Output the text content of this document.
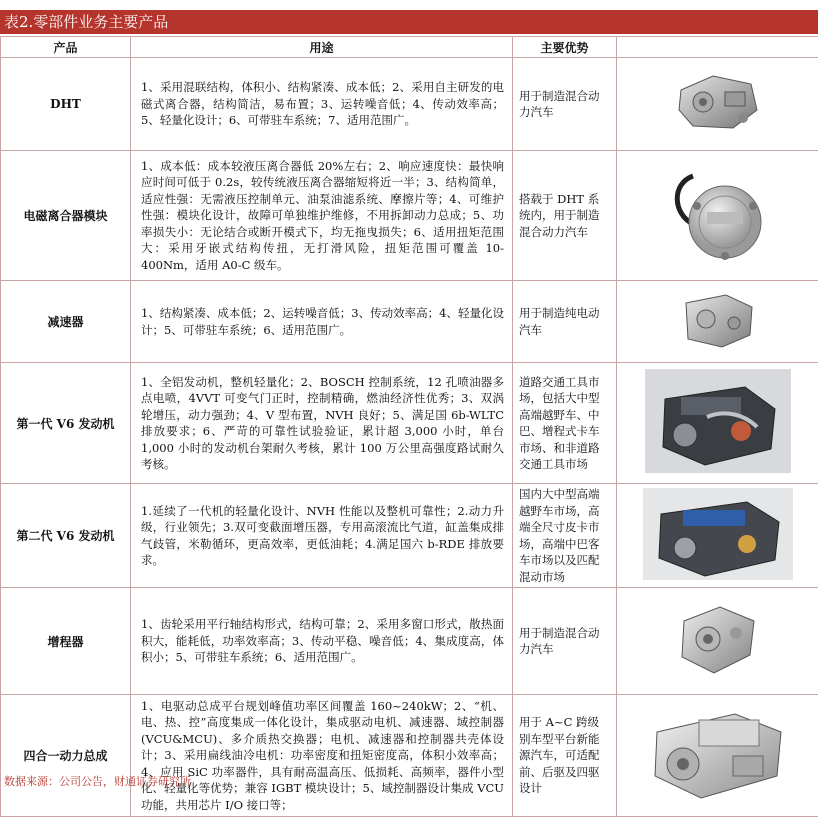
表2.零部件业务主要产品
产品	用途	主要优势	
DHT	1、采用混联结构，体积小、结构紧凑、成本低；2、采用自主研发的电磁式离合器，结构简洁，易布置；3、运转噪音低；4、传动效率高；5、轻量化设计；6、可带驻车系统；7、适用范围广。	用于制造混合动力汽车	
电磁离合器模块	1、成本低：成本较液压离合器低 20%左右；2、响应速度快：最快响应时间可低于 0.2s，较传统液压离合器缩短将近一半；3、结构简单，适应性强：无需液压控制单元、油泵油滤系统、摩擦片等；4、可维护性强：模块化设计，故障可单独维护维修，不用拆卸动力总成；5、功率损失小：无论结合或断开模式下，均无拖曳损失；6、适用扭矩范围大：采用牙嵌式结构传扭，无打滑风险，扭矩范围可覆盖 10-400Nm，适用 A0-C 级车。	搭载于 DHT 系统内，用于制造混合动力汽车	
减速器	1、结构紧凑、成本低；2、运转噪音低；3、传动效率高；4、轻量化设计；5、可带驻车系统；6、适用范围广。	用于制造纯电动汽车	
第一代 V6 发动机	1、全铝发动机，整机轻量化；2、BOSCH 控制系统，12 孔喷油器多点电喷，4VVT 可变气门正时，控制精确，燃油经济性优秀；3、双涡轮增压，动力强劲；4、V 型布置，NVH 良好；5、满足国 6b-WLTC 排放要求；6、严苛的可靠性试验验证，累计超 3,000 小时，单台 1,000 小时的发动机台架耐久考核，累计 100 万公里高强度路试耐久考核。	道路交通工具市场，包括大中型高端越野车、中巴、增程式卡车市场、和非道路交通工具市场	
第二代 V6 发动机	1.延续了一代机的轻量化设计、NVH 性能以及整机可靠性；2.动力升级，行业领先；3.双可变截面增压器，专用高滚流比气道，缸盖集成排气歧管，米勒循环，更高效率，更低油耗；4.满足国六 b-RDE 排放要求。	国内大中型高端越野车市场，高端全尺寸皮卡市场，高端中巴客车市场以及匹配混动市场	
增程器	1、齿轮采用平行轴结构形式，结构可靠；2、采用多窗口形式，散热面积大，能耗低，功率效率高；3、传动平稳、噪音低；4、集成度高，体积小；5、可带驻车系统；6、适用范围广。	用于制造混合动力汽车	
四合一动力总成	1、电驱动总成平台规划峰值功率区间覆盖 160~240kW；2、“机、电、热、控”高度集成一体化设计，集成驱动电机、减速器、域控制器(VCU&MCU)、多介质热交换器；电机、减速器和控制器共壳体设计；3、采用扁线油冷电机：功率密度和扭矩密度高，体积小效率高；4、应用 SiC 功率器件，具有耐高温高压、低损耗、高频率，器件小型化、轻量化等优势；兼容 IGBT 模块设计；5、域控制器设计集成 VCU 功能，共用芯片 I/O 接口等；	用于 A~C 跨级别车型平台新能源汽车，可适配前、后驱及四驱设计	
数据来源：公司公告，财通证券研究所
